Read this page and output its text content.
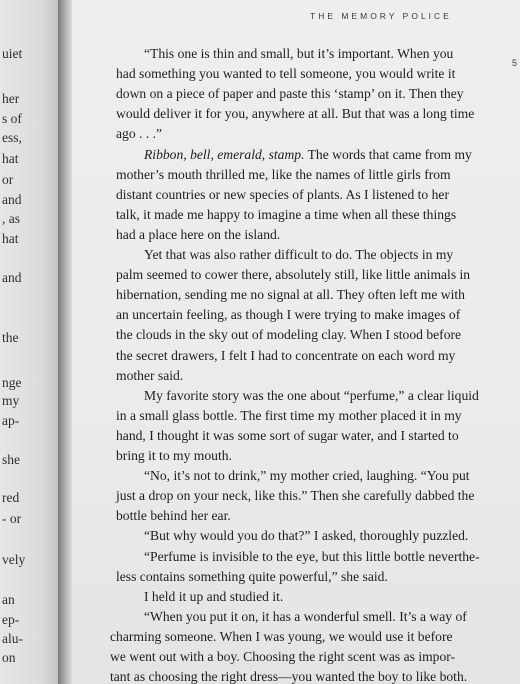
uiet
her
s of
ess,
hat
or
and
, as
hat
and
the
nge
my
ap-
she
red
- or
vely
an
ep-
alu-
on
THE MEMORY POLICE
5
“This one is thin and small, but it’s important. When you
had something you wanted to tell someone, you would write it
down on a piece of paper and paste this ‘stamp’ on it. Then they
would deliver it for you, anywhere at all. But that was a long time
ago . . .”
Ribbon, bell, emerald, stamp. The words that came from my
mother’s mouth thrilled me, like the names of little girls from
distant countries or new species of plants. As I listened to her
talk, it made me happy to imagine a time when all these things
had a place here on the island.
Yet that was also rather difficult to do. The objects in my
palm seemed to cower there, absolutely still, like little animals in
hibernation, sending me no signal at all. They often left me with
an uncertain feeling, as though I were trying to make images of
the clouds in the sky out of modeling clay. When I stood before
the secret drawers, I felt I had to concentrate on each word my
mother said.
My favorite story was the one about “perfume,” a clear liquid
in a small glass bottle. The first time my mother placed it in my
hand, I thought it was some sort of sugar water, and I started to
bring it to my mouth.
“No, it’s not to drink,” my mother cried, laughing. “You put
just a drop on your neck, like this.” Then she carefully dabbed the
bottle behind her ear.
“But why would you do that?” I asked, thoroughly puzzled.
“Perfume is invisible to the eye, but this little bottle neverthe-
less contains something quite powerful,” she said.
I held it up and studied it.
“When you put it on, it has a wonderful smell. It’s a way of
charming someone. When I was young, we would use it before
we went out with a boy. Choosing the right scent was as impor-
tant as choosing the right dress—you wanted the boy to like both.
